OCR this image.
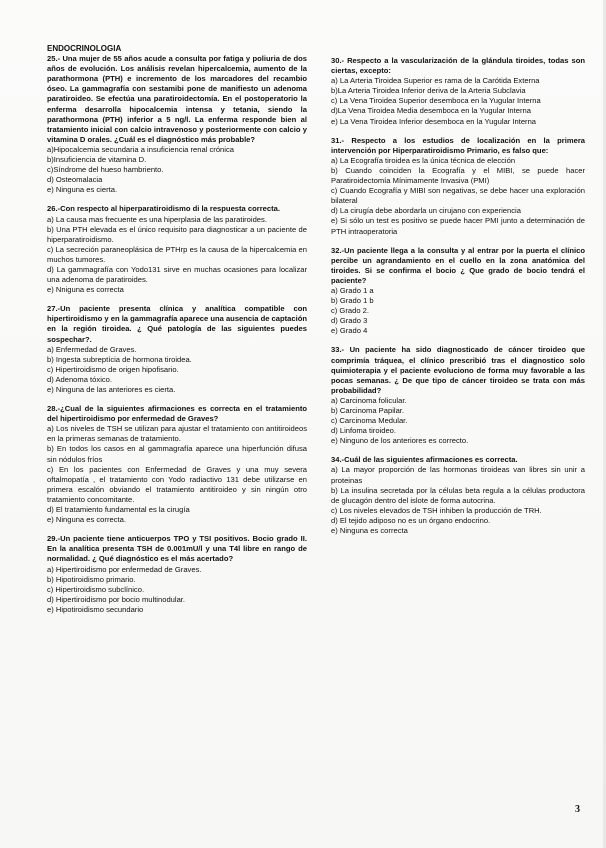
ENDOCRINOLOGIA
25.- Una mujer de 55 años acude a consulta por fatiga y poliuria de dos años de evolución. Los análisis revelan hipercalcemia, aumento de la parathormona (PTH) e incremento de los marcadores del recambio óseo. La gammagrafía con sestamibi pone de manifiesto un adenoma paratiroideo. Se efectúa una paratiroidectomía. En el postoperatorio la enferma desarrolla hipocalcemia intensa y tetania, siendo la parathormona (PTH) inferior a 5 ng/l. La enferma responde bien al tratamiento inicial con calcio intravenoso y posteriormente con calcio y vitamina D orales. ¿Cuál es el diagnóstico más probable?
a)Hipocalcemia secundaria a insuficiencia renal crónica
b)Insuficiencia de vitamina D.
c)Síndrome del hueso hambriento.
d) Osteomalacia
e) Ninguna es cierta.
26.-Con respecto al hiperparatiroidismo di la respuesta correcta.
a) La causa mas frecuente es una hiperplasia de las paratiroides.
b) Una PTH elevada es el único requisito para diagnosticar a un paciente de hiperparatiroidismo.
c) La secreción paraneoplásica de PTHrp es la causa de la hipercalcemia en muchos tumores.
d) La gammagrafía con Yodo131 sirve en muchas ocasiones para localizar una adenoma de paratiroides.
e) Nniguna es correcta
27.-Un paciente presenta clínica y analítica compatible con hipertiroidismo y en la gammagrafía aparece una ausencia de captación en la región tiroidea. ¿ Qué patología de las siguientes puedes sospechar?.
a) Enfermedad de Graves.
b) Ingesta subreptícia de hormona tiroidea.
c) Hipertiroidismo de origen hipofisario.
d) Adenoma tóxico.
e) Ninguna de las anteriores es cierta.
28.-¿Cual de la siguientes afirmaciones es correcta en el tratamiento del hipertiroidismo por enfermedad de Graves?
a) Los niveles de TSH se utilizan para ajustar el tratamiento con antitiroideos en la primeras semanas de tratamiento.
b) En todos los casos en al gammagrafía aparece una hiperfunción difusa sin nódulos fríos
c) En los pacientes con Enfermedad de Graves y una muy severa oftalmopatía , el tratamiento con Yodo radiactivo 131 debe utilizarse en primera escalón obviando el tratamiento antitiroideo y sin ningún otro tratamiento concomitante.
d) El tratamiento fundamental es la cirugía
e) Ninguna es correcta.
29.-Un paciente tiene anticuerpos TPO y TSI positivos. Bocio grado II. En la analítica presenta TSH de 0.001mU/l y una T4l libre en rango de normalidad. ¿ Qué diagnóstico es el más acertado?
a) Hipertiroidismo por enfermedad de Graves.
b) Hipotiroidismo primario.
c) Hipertiroidismo subclínico.
d) Hipertiroidismo por bocio multinodular.
e) Hipotiroidismo secundario
30.- Respecto a la vascularización de la glándula tiroides, todas son ciertas, excepto:
a) La Arteria Tiroidea Superior es rama de la Carótida Externa
b)La Arteria Tiroidea Inferior deriva de la Arteria Subclavia
c) La Vena Tiroidea Superior desemboca en la Yugular Interna
d)La Vena Tiroidea Media desemboca en la Yugular Interna
e) La Vena Tiroidea Inferior desemboca en la Yugular Interna
31.- Respecto a los estudios de localización en la primera intervención por Hiperparatiroidismo Primario, es falso que:
a) La Ecografía tiroidea es la única técnica de elección
b) Cuando coinciden la Ecografía y el MIBI, se puede hacer Paratiroidectomía Mínimamente Invasiva (PMI)
c) Cuando Ecografía y MIBI son negativas, se debe hacer una exploración bilateral
d) La cirugía debe abordarla un cirujano con experiencia
e) Si sólo un test es positivo se puede hacer PMI junto a determinación de PTH intraoperatoria
32.-Un paciente llega a la consulta y al entrar por la puerta el clínico percibe un agrandamiento en el cuello en la zona anatómica del tiroides. Si se confirma el bocio ¿ Que grado de bocio tendrá el paciente?
a) Grado 1 a
b) Grado 1 b
c) Grado 2.
d) Grado 3
e) Grado 4
33.- Un paciente ha sido diagnosticado de cáncer tiroideo que comprimía tráquea, el clínico prescribió tras el diagnostico solo quimioterapia y el paciente evoluciono de forma muy favorable a las pocas semanas. ¿ De que tipo de cáncer tiroideo se trata con más probabilidad?
a) Carcinoma folicular.
b) Carcinoma Papilar.
c) Carcinoma Medular.
d) Linfoma tiroideo.
e) Ninguno de los anteriores es correcto.
34.-Cuál de las siguientes afirmaciones es correcta.
a) La mayor proporción de las hormonas tiroideas van libres sin unir a proteinas
b) La insulina secretada por la células beta regula a la células productora de glucagón dentro del islote de forma autocrina.
c) Los niveles elevados de TSH inhiben la producción de TRH.
d) El tejido adiposo no es un órgano endocrino.
e) Ninguna es correcta
3
